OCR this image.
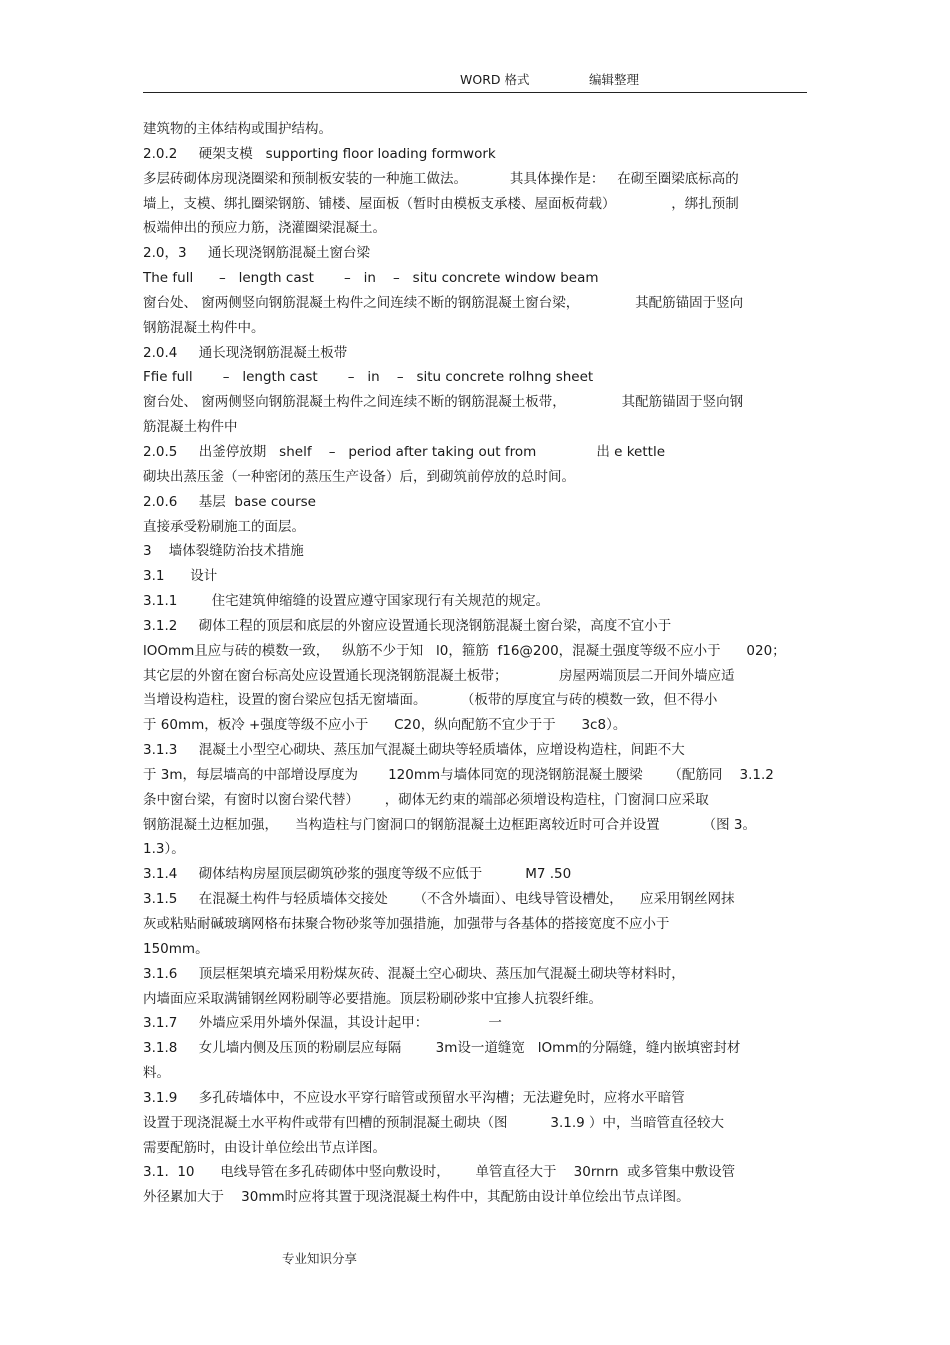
WORD 格式	编辑整理
建筑物的主体结构或围护结构。
2.0.2     硬架支模   supporting floor loading formwork
多层砖砌体房现浇圈梁和预制板安装的一种施工做法。          其具体操作是：   在砌至圈梁底标高的
墙上，支模、绑扎圈梁钢筋、铺楼、屋面板（暂时由模板支承楼、屋面板荷载）             ，绑扎预制
板端伸出的预应力筋，浇灌圈梁混凝土。
2.0，3     通长现浇钢筋混凝土窗台梁
The full      –   length cast       –   in    –   situ concrete window beam
窗台处、 窗两侧竖向钢筋混凝土构件之间连续不断的钢筋混凝土窗台梁，             其配筋锚固于竖向
钢筋混凝土构件中。
2.0.4     通长现浇钢筋混凝土板带
Ffie full       –   length cast       –   in    –   situ concrete rolhng sheet
窗台处、 窗两侧竖向钢筋混凝土构件之间连续不断的钢筋混凝土板带，             其配筋锚固于竖向钢
筋混凝土构件中
2.0.5     出釜停放期   shelf    –   period after taking out from              出 e kettle
砌块出蒸压釜（一种密闭的蒸压生产设备）后，到砌筑前停放的总时间。
2.0.6     基层  base course
直接承受粉刷施工的面层。
3    墙体裂缝防治技术措施
3.1      设计
3.1.1        住宅建筑伸缩缝的设置应遵守国家现行有关规范的规定。
3.1.2     砌体工程的顶层和底层的外窗应设置通长现浇钢筋混凝土窗台梁，高度不宜小于
lOOmm且应与砖的模数一致，   纵筋不少于知   l0，箍筋  f16@200，混凝土强度等级不应小于      020；
其它层的外窗在窗台标高处应设置通长现浇钢筋混凝土板带；            房屋两端顶层二开间外墙应适
当增设构造柱，设置的窗台梁应包括无窗墙面。        （板带的厚度宜与砖的模数一致，但不得小
于 60mm，板冷 +强度等级不应小于      C20，纵向配筋不宜少于于      3c8）。
3.1.3     混凝土小型空心砌块、蒸压加气混凝土砌块等轻质墙体，应增设构造柱，间距不大
于 3m，每层墙高的中部增设厚度为       120mm与墙体同宽的现浇钢筋混凝土腰梁      （配筋同    3.1.2
条中窗台梁，有窗时以窗台梁代替）      ，砌体无约束的端部必须增设构造柱，门窗洞口应采取
钢筋混凝土边框加强，    当构造柱与门窗洞口的钢筋混凝土边框距离较近时可合并设置          （图 3。
1.3）。
3.1.4     砌体结构房屋顶层砌筑砂浆的强度等级不应低于          M7 .50
3.1.5     在混凝土构件与轻质墙体交接处      （不含外墙面）、电线导管设槽处，    应采用钢丝网抹
灰或粘贴耐碱玻璃网格布抹聚合物砂浆等加强措施，加强带与各基体的搭接宽度不应小于
150mm。
3.1.6     顶层框架填充墙采用粉煤灰砖、混凝土空心砌块、蒸压加气混凝土砌块等材料时，
内墙面应采取满铺钢丝网粉刷等必要措施。顶层粉刷砂浆中宜掺人抗裂纤维。
3.1.7     外墙应采用外墙外保温，其设计起甲：              一
3.1.8     女儿墙内侧及压顶的粉刷层应每隔        3m设一道缝宽   lOmm的分隔缝，缝内嵌填密封材
料。
3.1.9     多孔砖墙体中，不应设水平穿行暗管或预留水平沟槽；无法避免时，应将水平暗管
设置于现浇混凝土水平构件或带有凹槽的预制混凝土砌块（图          3.1.9 ）中，当暗管直径较大
需要配筋时，由设计单位绘出节点详图。
3.1.  10      电线导管在多孔砖砌体中竖向敷设时，      单管直径大于    30rnrn  或多管集中敷设管
外径累加大于    30mm时应将其置于现浇混凝土构件中，其配筋由设计单位绘出节点详图。
专业知识分享
